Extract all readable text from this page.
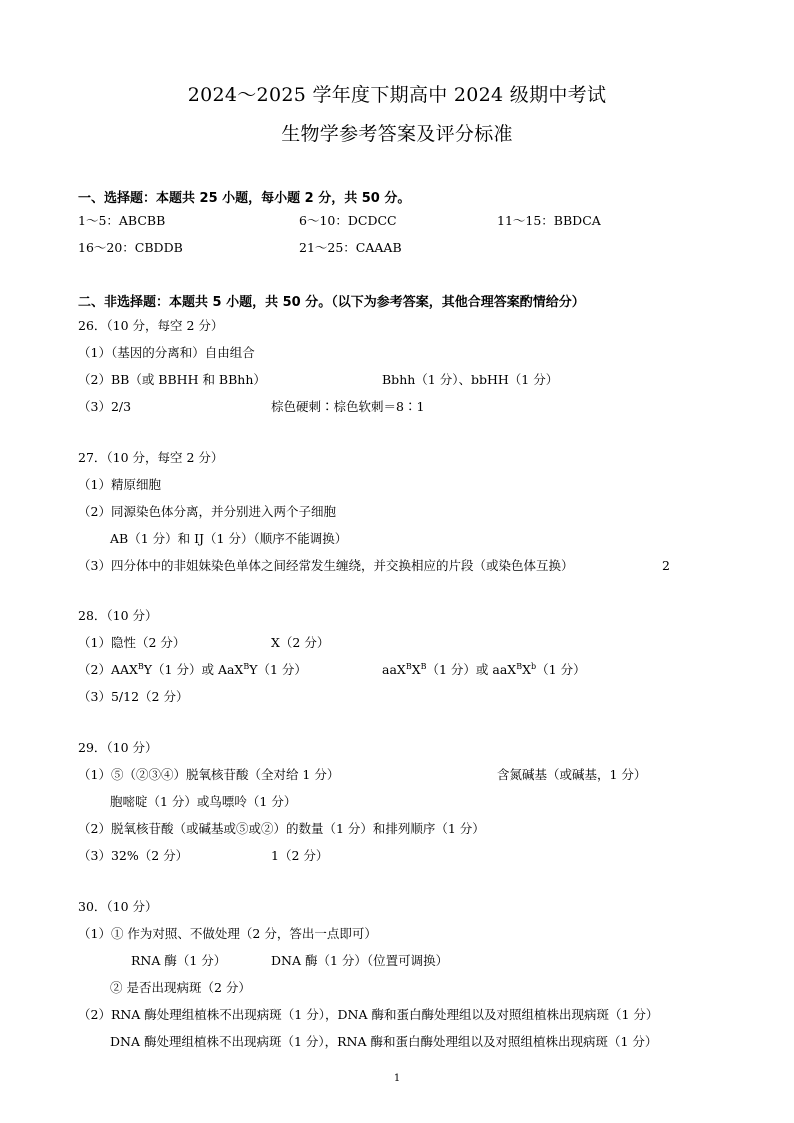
2024～2025 学年度下期高中 2024 级期中考试
生物学参考答案及评分标准
一、选择题：本题共 25 小题，每小题 2 分，共 50 分。
1～5：ABCBB	6～10：DCDCC	11～15：BBDCA
16～20：CBDDB	21～25：CAAAB
二、非选择题：本题共 5 小题，共 50 分。（以下为参考答案，其他合理答案酌情给分）
26．（10 分，每空 2 分）
（1）（基因的分离和）自由组合
（2）BB（或 BBHH 和 BBhh）	Bbhh（1 分）、bbHH（1 分）
（3）2/3	棕色硬刺∶棕色软刺＝8∶1
27．（10 分，每空 2 分）
（1）精原细胞
（2）同源染色体分离，并分别进入两个子细胞
AB（1 分）和 IJ（1 分）（顺序不能调换）
（3）四分体中的非姐妹染色单体之间经常发生缠绕，并交换相应的片段（或染色体互换）	2
28．（10 分）
（1）隐性（2 分）	X（2 分）
$(2)AAX^BY(1$ 分）或 AaX$^B$Y（1 分）	$aaX^BX^B(1$ 分）或 $aaX^BX^b(1$ 分）
（3）5/12（2 分）
29．（10 分）
（1）⑤（②③④）脱氧核苷酸（全对给 1 分）	含氮碱基（或碱基，1 分）
胞嘧啶（1 分）或鸟嘌呤（1 分）
（2）脱氧核苷酸（或碱基或⑤或②）的数量（1 分）和排列顺序（1 分）
（3）32%（2 分）	1（2 分）
30．（10 分）
（1）① 作为对照、不做处理（2 分，答出一点即可）
RNA 酶（1 分）	DNA 酶（1 分）（位置可调换）
② 是否出现病斑（2 分）
（2）RNA 酶处理组植株不出现病斑（1 分），DNA 酶和蛋白酶处理组以及对照组植株出现病斑（1 分）
DNA 酶处理组植株不出现病斑（1 分），RNA 酶和蛋白酶处理组以及对照组植株出现病斑（1 分）
1
